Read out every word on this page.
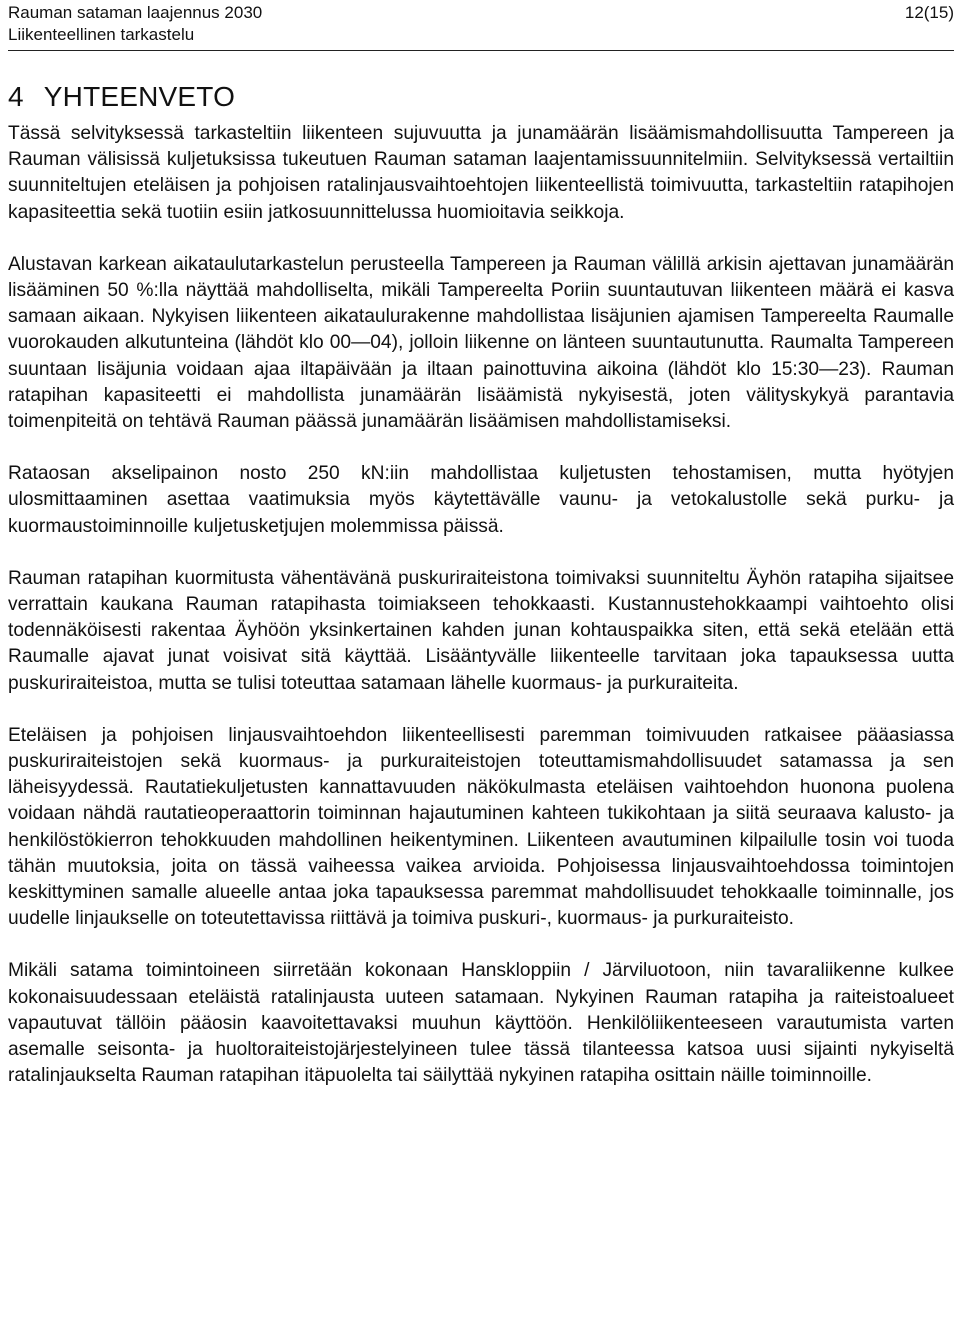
Rauman sataman laajennus 2030
Liikenteellinen tarkastelu
12(15)
4 YHTEENVETO

Tässä selvityksessä tarkasteltiin liikenteen sujuvuutta ja junamäärän lisäämismahdollisuutta Tampereen ja Rauman välisissä kuljetuksissa tukeutuen Rauman sataman laajentamissuunnitelmiin. Selvityksessä vertailtiin suunniteltujen eteläisen ja pohjoisen ratalinjausvaihtoehtojen liikenteellistä toimivuutta, tarkasteltiin ratapihojen kapasiteettia sekä tuotiin esiin jatkosuunnittelussa huomioitavia seikkoja.

Alustavan karkean aikataulutarkastelun perusteella Tampereen ja Rauman välillä arkisin ajettavan junamäärän lisääminen 50 %:lla näyttää mahdolliselta, mikäli Tampereelta Poriin suuntautuvan liikenteen määrä ei kasva samaan aikaan. Nykyisen liikenteen aikataulurakenne mahdollistaa lisäjunien ajamisen Tampereelta Raumalle vuorokauden alkutunteina (lähdöt klo 00—04), jolloin liikenne on länteen suuntautunutta. Raumalta Tampereen suuntaan lisäjunia voidaan ajaa iltapäivään ja iltaan painottuvina aikoina (lähdöt klo 15:30—23). Rauman ratapihan kapasiteetti ei mahdollista junamäärän lisäämistä nykyisestä, joten välityskykyä parantavia toimenpiteitä on tehtävä Rauman päässä junamäärän lisäämisen mahdollistamiseksi.

Rataosan akselipainon nosto 250 kN:iin mahdollistaa kuljetusten tehostamisen, mutta hyötyjen ulosmittaaminen asettaa vaatimuksia myös käytettävälle vaunu- ja vetokalustolle sekä purku- ja kuormaustoiminnoille kuljetusketjujen molemmissa päissä.

Rauman ratapihan kuormitusta vähentävänä puskuriraiteistona toimivaksi suunniteltu Äyhön ratapiha sijaitsee verrattain kaukana Rauman ratapihasta toimiakseen tehokkaasti. Kustannustehokkaampi vaihtoehto olisi todennäköisesti rakentaa Äyhöön yksinkertainen kahden junan kohtauspaikka siten, että sekä etelään että Raumalle ajavat junat voisivat sitä käyttää. Lisääntyvälle liikenteelle tarvitaan joka tapauksessa uutta puskuriraiteistoa, mutta se tulisi toteuttaa satamaan lähelle kuormaus- ja purkuraiteita.

Eteläisen ja pohjoisen linjausvaihtoehdon liikenteellisesti paremman toimivuuden ratkaisee pääasiassa puskuriraiteistojen sekä kuormaus- ja purkuraiteistojen toteuttamismahdollisuudet satamassa ja sen läheisyydessä. Rautatiekuljetusten kannattavuuden näkökulmasta eteläisen vaihtoehdon huonona puolena voidaan nähdä rautatieoperaattorin toiminnan hajautuminen kahteen tukikohtaan ja siitä seuraava kalusto- ja henkilöstökierron tehokkuuden mahdollinen heikentyminen. Liikenteen avautuminen kilpailulle tosin voi tuoda tähän muutoksia, joita on tässä vaiheessa vaikea arvioida. Pohjoisessa linjausvaihtoehdossa toimintojen keskittyminen samalle alueelle antaa joka tapauksessa paremmat mahdollisuudet tehokkaalle toiminnalle, jos uudelle linjaukselle on toteutettavissa riittävä ja toimiva puskuri-, kuormaus- ja purkuraiteisto.

Mikäli satama toimintoineen siirretään kokonaan Hanskloppiin / Järviluotoon, niin tavaraliikenne kulkee kokonaisuudessaan eteläistä ratalinjausta uuteen satamaan. Nykyinen Rauman ratapiha ja raiteistoalueet vapautuvat tällöin pääosin kaavoitettavaksi muuhun käyttöön. Henkilöliikenteeseen varautumista varten asemalle seisonta- ja huoltoraiteistojärjestelyineen tulee tässä tilanteessa katsoa uusi sijainti nykyiseltä ratalinjaukselta Rauman ratapihan itäpuolelta tai säilyttää nykyinen ratapiha osittain näille toiminnoille.
